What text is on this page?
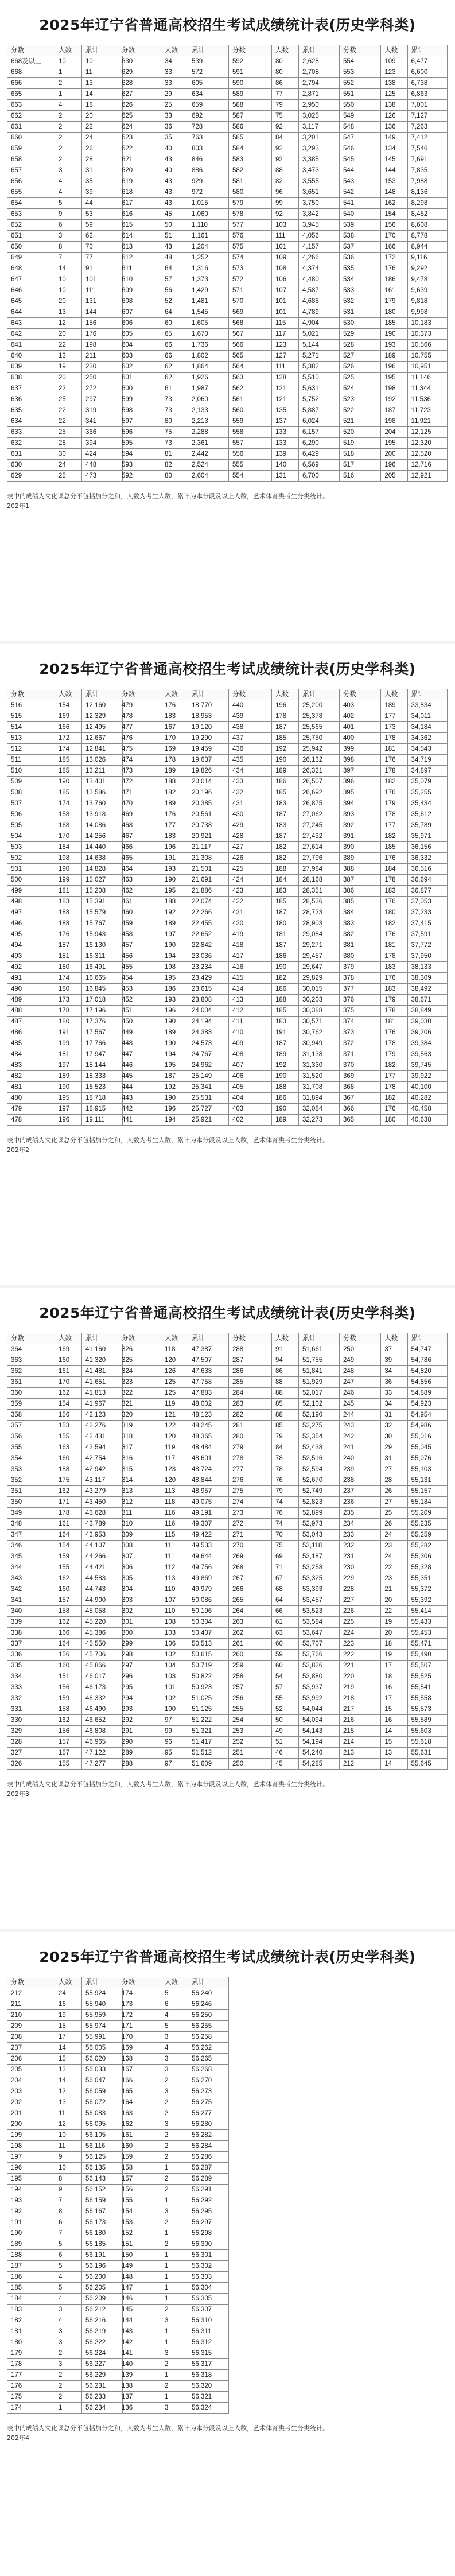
2025年辽宁省普通高校招生考试成绩统计表(历史学科类)
分数	人数	累计
668及以上	10	10
668	1	11
666	2	13
665	1	14
663	4	18
662	2	20
661	2	22
660	2	24
659	2	26
658	2	28
657	3	31
656	4	35
655	4	39
654	5	44
653	9	53
652	6	59
651	3	62
650	8	70
649	7	77
648	14	91
647	10	101
646	10	111
645	20	131
644	13	144
643	12	156
642	20	176
641	22	198
640	13	211
639	19	230
638	20	250
637	22	272
636	25	297
635	22	319
634	22	341
633	25	366
632	28	394
631	30	424
630	24	448
629	25	473
分数	人数	累计
630	34	539
629	33	572
628	33	605
627	29	634
626	25	659
625	33	692
624	36	728
623	35	763
622	40	803
621	43	846
620	40	886
619	43	929
618	43	972
617	43	1,015
616	45	1,060
615	50	1,110
614	51	1,161
613	43	1,204
612	48	1,252
611	64	1,316
610	57	1,373
609	56	1,429
608	52	1,481
607	64	1,545
606	60	1,605
605	65	1,670
604	66	1,736
603	66	1,802
602	62	1,864
601	62	1,926
600	61	1,987
599	73	2,060
598	73	2,133
597	80	2,213
596	75	2,288
595	73	2,361
594	81	2,442
593	82	2,524
592	80	2,604
分数	人数	累计
592	80	2,628
591	80	2,708
590	86	2,794
589	77	2,871
588	79	2,950
587	75	3,025
586	92	3,117
585	84	3,201
584	92	3,293
583	92	3,385
582	88	3,473
581	82	3,555
580	96	3,651
579	99	3,750
578	92	3,842
577	103	3,945
576	111	4,056
575	101	4,157
574	109	4,266
573	108	4,374
572	106	4,480
571	107	4,587
570	101	4,688
569	101	4,789
568	115	4,904
567	117	5,021
566	123	5,144
565	127	5,271
564	111	5,382
563	128	5,510
562	121	5,631
561	121	5,752
560	135	5,887
559	137	6,024
558	133	6,157
557	133	6,290
556	139	6,429
555	140	6,569
554	131	6,700
分数	人数	累计
554	109	6,477
553	123	6,600
552	138	6,738
551	125	6,863
550	138	7,001
549	126	7,127
548	136	7,263
547	149	7,412
546	134	7,546
545	145	7,691
544	144	7,835
543	153	7,988
542	148	8,136
541	162	8,298
540	154	8,452
539	156	8,608
538	170	8,778
537	166	8,944
536	172	9,116
535	176	9,292
534	186	9,478
533	161	9,639
532	179	9,818
531	180	9,998
530	185	10,183
529	190	10,373
528	193	10,566
527	189	10,755
526	196	10,951
525	195	11,146
524	198	11,344
523	192	11,536
522	187	11,723
521	198	11,921
520	204	12,125
519	195	12,320
518	200	12,520
517	196	12,716
516	205	12,921
表中的成绩为文化课总分不包括加分之和，人数为考生人数，累计为本分段及以上人数，艺术体育类考生分类统计。
202年1
2025年辽宁省普通高校招生考试成绩统计表(历史学科类)
分数	人数	累计
516	154	12,160
515	169	12,329
514	166	12,495
513	172	12,667
512	174	12,841
511	185	13,026
510	185	13,211
509	190	13,401
508	185	13,586
507	174	13,760
506	158	13,918
505	168	14,086
504	170	14,256
503	184	14,440
502	198	14,638
501	190	14,828
500	199	15,027
499	181	15,208
498	183	15,391
497	188	15,579
496	188	15,767
495	176	15,943
494	187	16,130
493	181	16,311
492	180	16,491
491	174	16,665
490	180	16,845
489	173	17,018
488	178	17,196
487	180	17,376
486	191	17,567
485	199	17,766
484	181	17,947
483	197	18,144
482	189	18,333
481	190	18,523
480	195	18,718
479	197	18,915
478	196	19,111
分数	人数	累计
479	176	18,770
478	183	18,953
477	167	19,120
476	170	19,290
475	169	19,459
474	178	19,637
473	189	19,826
472	188	20,014
471	182	20,196
470	189	20,385
469	176	20,561
468	177	20,738
467	183	20,921
466	196	21,117
465	191	21,308
464	193	21,501
463	190	21,691
462	195	21,886
461	188	22,074
460	192	22,266
459	189	22,455
458	197	22,652
457	190	22,842
456	194	23,036
455	198	23,234
454	195	23,429
453	186	23,615
452	193	23,808
451	196	24,004
450	190	24,194
449	189	24,383
448	190	24,573
447	194	24,767
446	195	24,962
445	187	25,149
444	192	25,341
443	190	25,531
442	196	25,727
441	194	25,921
分数	人数	累计
440	196	25,200
439	178	25,378
438	187	25,565
437	185	25,750
436	192	25,942
435	190	26,132
434	189	26,321
433	186	26,507
432	185	26,692
431	183	26,875
430	187	27,062
429	183	27,245
428	187	27,432
427	182	27,614
426	182	27,796
425	188	27,984
424	184	28,168
423	183	28,351
422	185	28,536
421	187	28,723
420	180	28,903
419	181	29,084
418	187	29,271
417	186	29,457
416	190	29,647
415	182	29,829
414	186	30,015
413	188	30,203
412	185	30,388
411	183	30,571
410	191	30,762
409	187	30,949
408	189	31,138
407	192	31,330
406	190	31,520
405	188	31,708
404	186	31,894
403	190	32,084
402	189	32,273
分数	人数	累计
403	189	33,834
402	177	34,011
401	173	34,184
400	178	34,362
399	181	34,543
398	176	34,719
397	178	34,897
396	182	35,079
395	176	35,255
394	179	35,434
393	178	35,612
392	177	35,789
391	182	35,971
390	185	36,156
389	176	36,332
388	184	36,516
387	178	36,694
386	183	36,877
385	176	37,053
384	180	37,233
383	182	37,415
382	176	37,591
381	181	37,772
380	178	37,950
379	183	38,133
378	176	38,309
377	183	38,492
376	179	38,671
375	178	38,849
374	181	39,030
373	176	39,206
372	178	39,384
371	179	39,563
370	182	39,745
369	177	39,922
368	178	40,100
367	182	40,282
366	176	40,458
365	180	40,638
表中的成绩为文化课总分不包括加分之和，人数为考生人数，累计为本分段及以上人数，艺术体育类考生分类统计。
202年2
2025年辽宁省普通高校招生考试成绩统计表(历史学科类)
分数	人数	累计
364	169	41,160
363	160	41,320
362	161	41,481
361	170	41,651
360	162	41,813
359	154	41,967
358	156	42,123
357	153	42,276
356	155	42,431
355	163	42,594
354	160	42,754
353	188	42,942
352	175	43,117
351	162	43,279
350	171	43,450
349	178	43,628
348	161	43,789
347	164	43,953
346	154	44,107
345	159	44,266
344	155	44,421
343	162	44,583
342	160	44,743
341	157	44,900
340	158	45,058
339	162	45,220
338	166	45,386
337	164	45,550
336	156	45,706
335	160	45,866
334	151	46,017
333	156	46,173
332	159	46,332
331	158	46,490
330	162	46,652
329	156	46,808
328	157	46,965
327	157	47,122
326	155	47,277
分数	人数	累计
326	118	47,387
325	120	47,507
324	126	47,633
323	125	47,758
322	125	47,883
321	119	48,002
320	121	48,123
319	122	48,245
318	120	48,365
317	119	48,484
316	117	48,601
315	123	48,724
314	120	48,844
313	113	48,957
312	118	49,075
311	116	49,191
310	116	49,307
309	115	49,422
308	111	49,533
307	111	49,644
306	112	49,756
305	113	49,869
304	110	49,979
303	107	50,086
302	110	50,196
301	108	50,304
300	103	50,407
299	106	50,513
298	102	50,615
297	104	50,719
296	103	50,822
295	101	50,923
294	102	51,025
293	100	51,125
292	97	51,222
291	99	51,321
290	96	51,417
289	95	51,512
288	97	51,609
分数	人数	累计
288	91	51,661
287	94	51,755
286	86	51,841
285	88	51,929
284	88	52,017
283	85	52,102
282	88	52,190
281	85	52,275
280	79	52,354
279	84	52,438
278	78	52,516
277	78	52,594
276	76	52,670
275	79	52,749
274	74	52,823
273	76	52,899
272	74	52,973
271	70	53,043
270	75	53,118
269	69	53,187
268	71	53,258
267	67	53,325
266	68	53,393
265	64	53,457
264	66	53,523
263	61	53,584
262	63	53,647
261	60	53,707
260	59	53,766
259	60	53,826
258	54	53,880
257	57	53,937
256	55	53,992
255	52	54,044
254	50	54,094
253	49	54,143
252	51	54,194
251	46	54,240
250	45	54,285
分数	人数	累计
250	37	54,747
249	39	54,786
248	34	54,820
247	36	54,856
246	33	54,889
245	34	54,923
244	31	54,954
243	32	54,986
242	30	55,016
241	29	55,045
240	31	55,076
239	27	55,103
238	28	55,131
237	26	55,157
236	27	55,184
235	25	55,209
234	26	55,235
233	24	55,259
232	23	55,282
231	24	55,306
230	22	55,328
229	23	55,351
228	21	55,372
227	20	55,392
226	22	55,414
225	19	55,433
224	20	55,453
223	18	55,471
222	19	55,490
221	17	55,507
220	18	55,525
219	16	55,541
218	17	55,558
217	15	55,573
216	16	55,589
215	14	55,603
214	15	55,618
213	13	55,631
212	14	55,645
表中的成绩为文化课总分不包括加分之和，人数为考生人数，累计为本分段及以上人数，艺术体育类考生分类统计。
202年3
2025年辽宁省普通高校招生考试成绩统计表(历史学科类)
分数	人数	累计
212	24	55,924
211	16	55,940
210	19	55,959
209	15	55,974
208	17	55,991
207	14	56,005
206	15	56,020
205	13	56,033
204	14	56,047
203	12	56,059
202	13	56,072
201	11	56,083
200	12	56,095
199	10	56,105
198	11	56,116
197	9	56,125
196	10	56,135
195	8	56,143
194	9	56,152
193	7	56,159
192	8	56,167
191	6	56,173
190	7	56,180
189	5	56,185
188	6	56,191
187	5	56,196
186	4	56,200
185	5	56,205
184	4	56,209
183	3	56,212
182	4	56,216
181	3	56,219
180	3	56,222
179	2	56,224
178	3	56,227
177	2	56,229
176	2	56,231
175	2	56,233
174	1	56,234
分数	人数	累计
174	5	56,240
173	6	56,246
172	4	56,250
171	5	56,255
170	3	56,258
169	4	56,262
168	3	56,265
167	3	56,268
166	2	56,270
165	3	56,273
164	2	56,275
163	2	56,277
162	3	56,280
161	2	56,282
160	2	56,284
159	2	56,286
158	1	56,287
157	2	56,289
156	2	56,291
155	1	56,292
154	3	56,295
153	2	56,297
152	1	56,298
151	2	56,300
150	1	56,301
149	1	56,302
148	1	56,303
147	1	56,304
146	1	56,305
145	2	56,307
144	3	56,310
143	1	56,311
142	1	56,312
141	3	56,315
140	2	56,317
139	1	56,318
138	2	56,320
137	1	56,321
136	3	56,324
表中的成绩为文化课总分不包括加分之和，人数为考生人数，累计为本分段及以上人数，艺术体育类考生分类统计。
202年4
